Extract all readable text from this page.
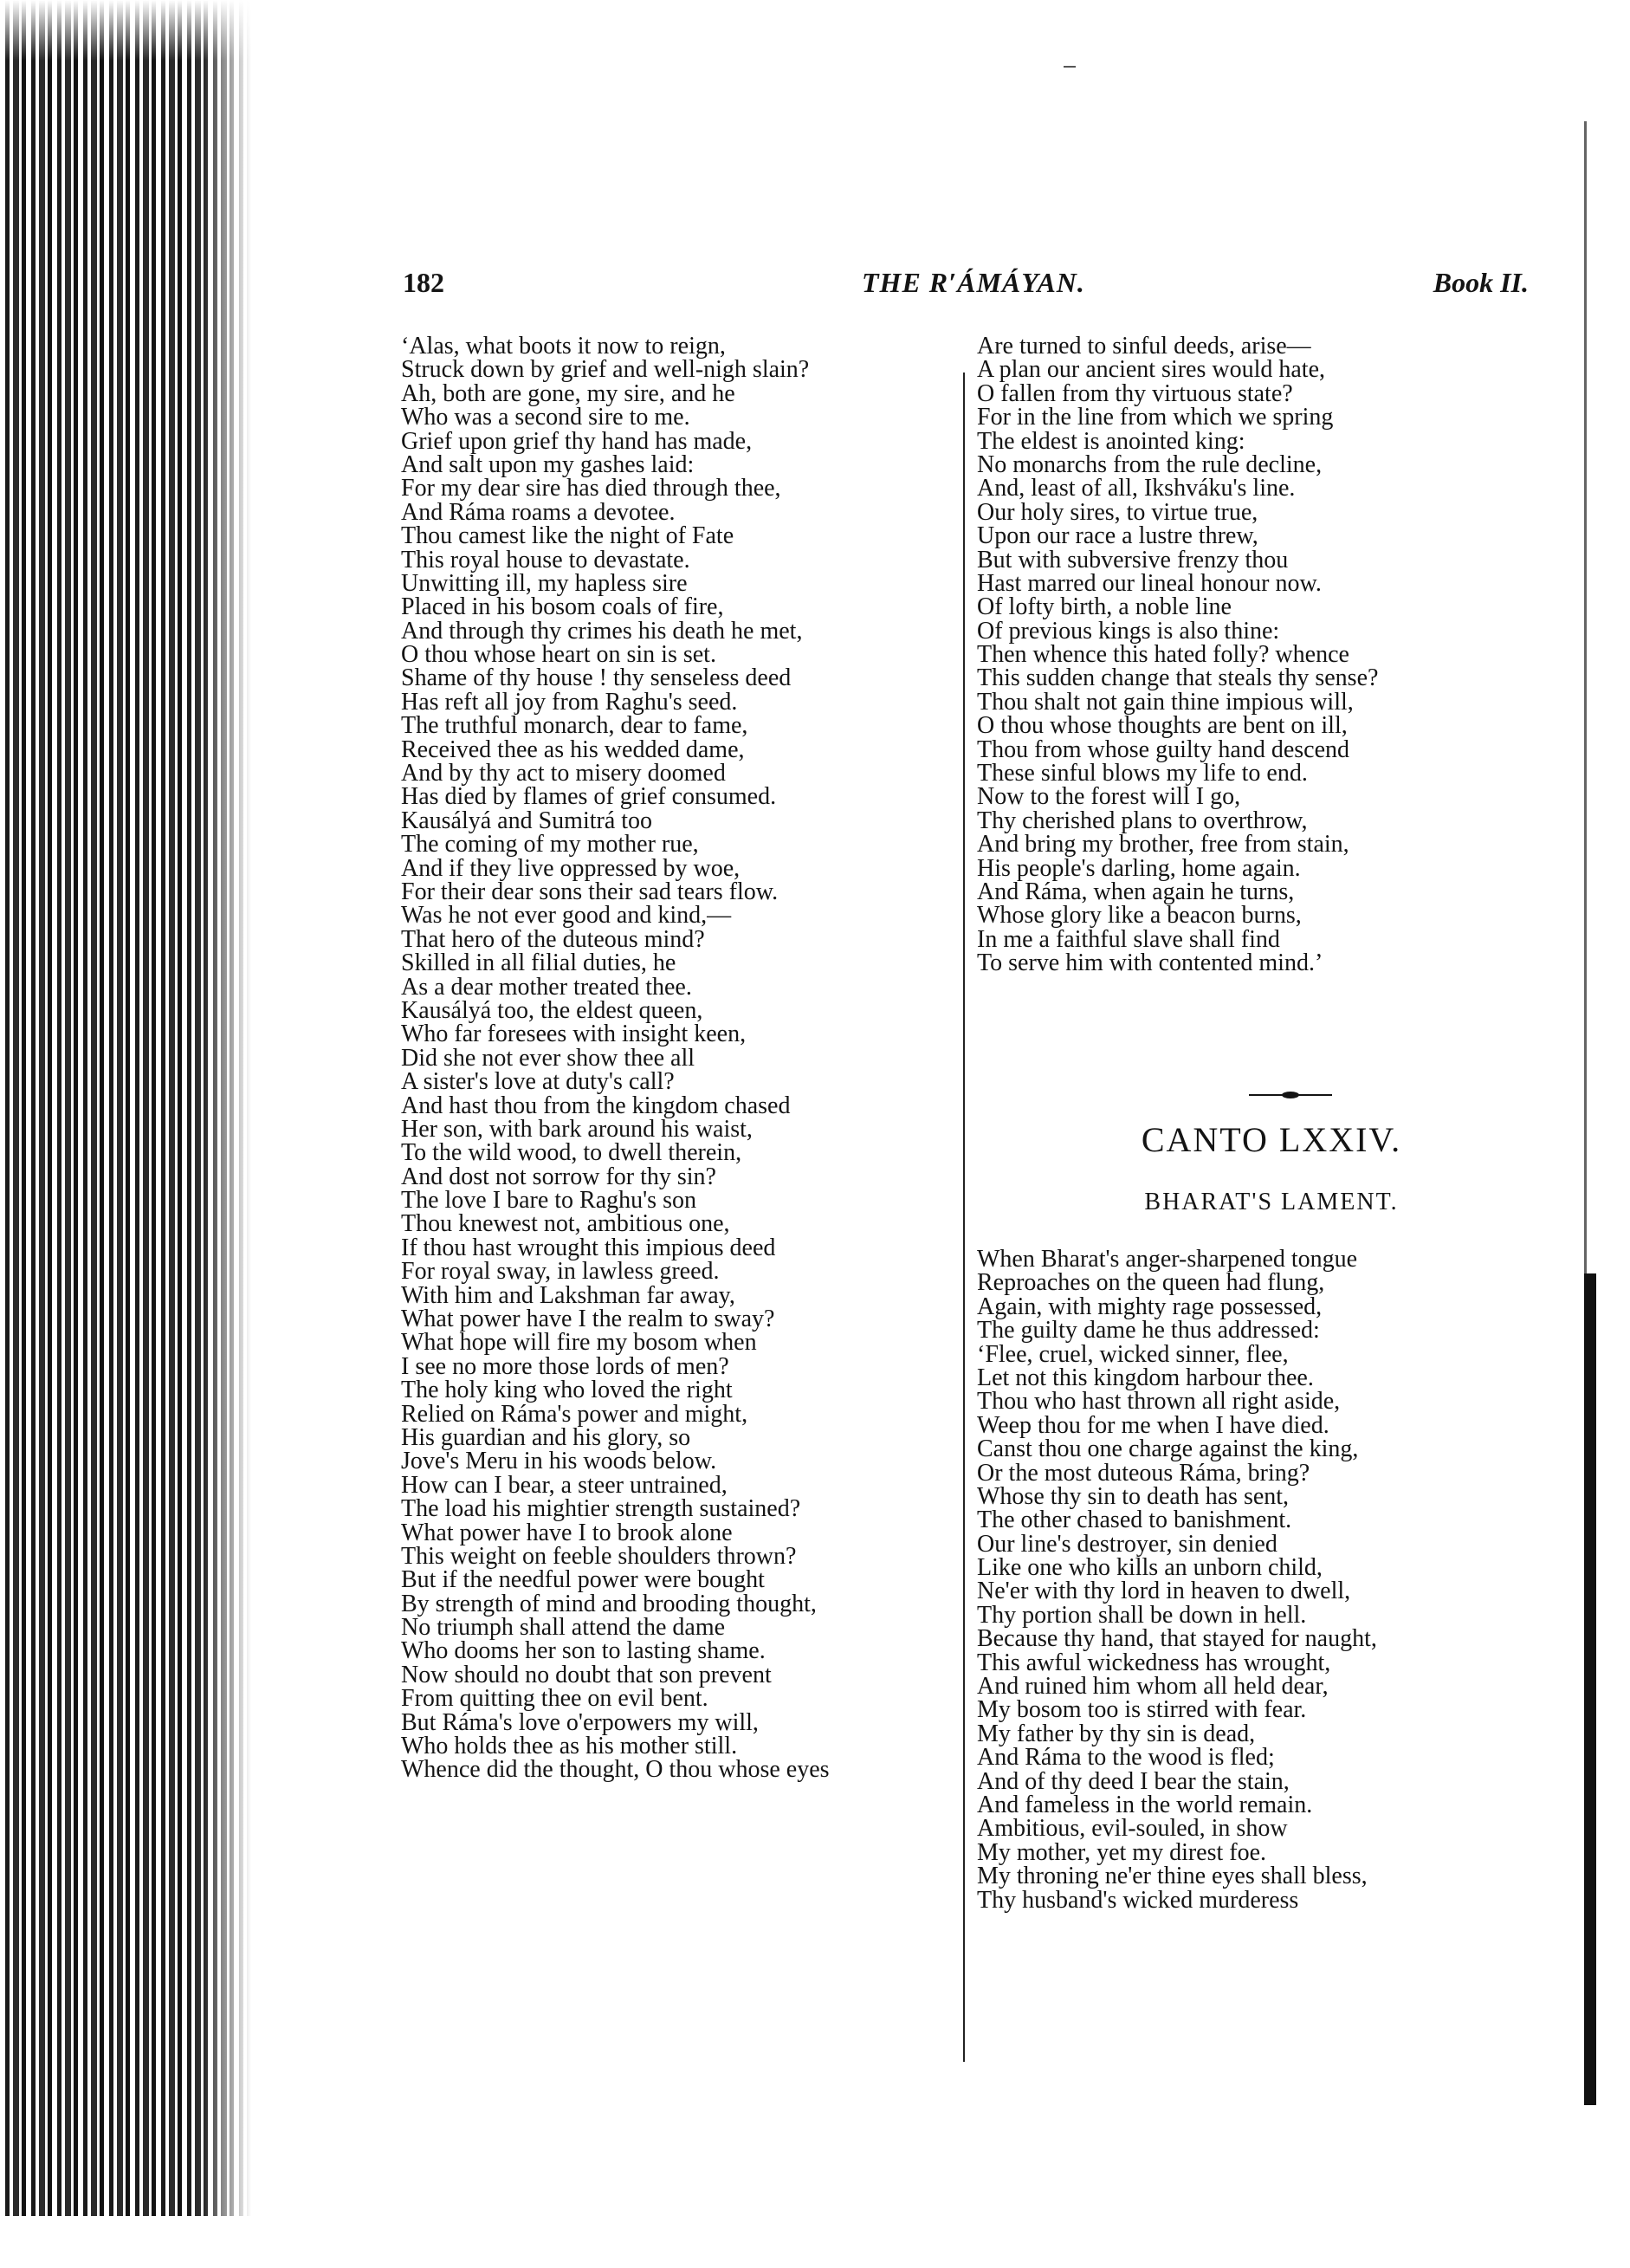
182	THE R′ÁMÁYAN.	Book II.
‘Alas, what boots it now to reign,
Struck down by grief and well-nigh slain?
Ah, both are gone, my sire, and he
Who was a second sire to me.
Grief upon grief thy hand has made,
And salt upon my gashes laid:
For my dear sire has died through thee,
And Ráma roams a devotee.
Thou camest like the night of Fate
This royal house to devastate.
Unwitting ill, my hapless sire
Placed in his bosom coals of fire,
And through thy crimes his death he met,
O thou whose heart on sin is set.
Shame of thy house ! thy senseless deed
Has reft all joy from Raghu's seed.
The truthful monarch, dear to fame,
Received thee as his wedded dame,
And by thy act to misery doomed
Has died by flames of grief consumed.
Kausályá and Sumitrá too
The coming of my mother rue,
And if they live oppressed by woe,
For their dear sons their sad tears flow.
Was he not ever good and kind,—
That hero of the duteous mind?
Skilled in all filial duties, he
As a dear mother treated thee.
Kausályá too, the eldest queen,
Who far foresees with insight keen,
Did she not ever show thee all
A sister's love at duty's call?
And hast thou from the kingdom chased
Her son, with bark around his waist,
To the wild wood, to dwell therein,
And dost not sorrow for thy sin?
The love I bare to Raghu's son
Thou knewest not, ambitious one,
If thou hast wrought this impious deed
For royal sway, in lawless greed.
With him and Lakshman far away,
What power have I the realm to sway?
What hope will fire my bosom when
I see no more those lords of men?
The holy king who loved the right
Relied on Ráma's power and might,
His guardian and his glory, so
Jove's Meru in his woods below.
How can I bear, a steer untrained,
The load his mightier strength sustained?
What power have I to brook alone
This weight on feeble shoulders thrown?
But if the needful power were bought
By strength of mind and brooding thought,
No triumph shall attend the dame
Who dooms her son to lasting shame.
Now should no doubt that son prevent
From quitting thee on evil bent.
But Ráma's love o'erpowers my will,
Who holds thee as his mother still.
Whence did the thought, O thou whose eyes
Are turned to sinful deeds, arise—
A plan our ancient sires would hate,
O fallen from thy virtuous state?
For in the line from which we spring
The eldest is anointed king:
No monarchs from the rule decline,
And, least of all, Ikshváku's line.
Our holy sires, to virtue true,
Upon our race a lustre threw,
But with subversive frenzy thou
Hast marred our lineal honour now.
Of lofty birth, a noble line
Of previous kings is also thine:
Then whence this hated folly? whence
This sudden change that steals thy sense?
Thou shalt not gain thine impious will,
O thou whose thoughts are bent on ill,
Thou from whose guilty hand descend
These sinful blows my life to end.
Now to the forest will I go,
Thy cherished plans to overthrow,
And bring my brother, free from stain,
His people's darling, home again.
And Ráma, when again he turns,
Whose glory like a beacon burns,
In me a faithful slave shall find
To serve him with contented mind.’
CANTO LXXIV.
BHARAT'S LAMENT.
When Bharat's anger-sharpened tongue
Reproaches on the queen had flung,
Again, with mighty rage possessed,
The guilty dame he thus addressed:
‘Flee, cruel, wicked sinner, flee,
Let not this kingdom harbour thee.
Thou who hast thrown all right aside,
Weep thou for me when I have died.
Canst thou one charge against the king,
Or the most duteous Ráma, bring?
Whose thy sin to death has sent,
The other chased to banishment.
Our line's destroyer, sin denied
Like one who kills an unborn child,
Ne'er with thy lord in heaven to dwell,
Thy portion shall be down in hell.
Because thy hand, that stayed for naught,
This awful wickedness has wrought,
And ruined him whom all held dear,
My bosom too is stirred with fear.
My father by thy sin is dead,
And Ráma to the wood is fled;
And of thy deed I bear the stain,
And fameless in the world remain.
Ambitious, evil-souled, in show
My mother, yet my direst foe.
My throning ne'er thine eyes shall bless,
Thy husband's wicked murderess
